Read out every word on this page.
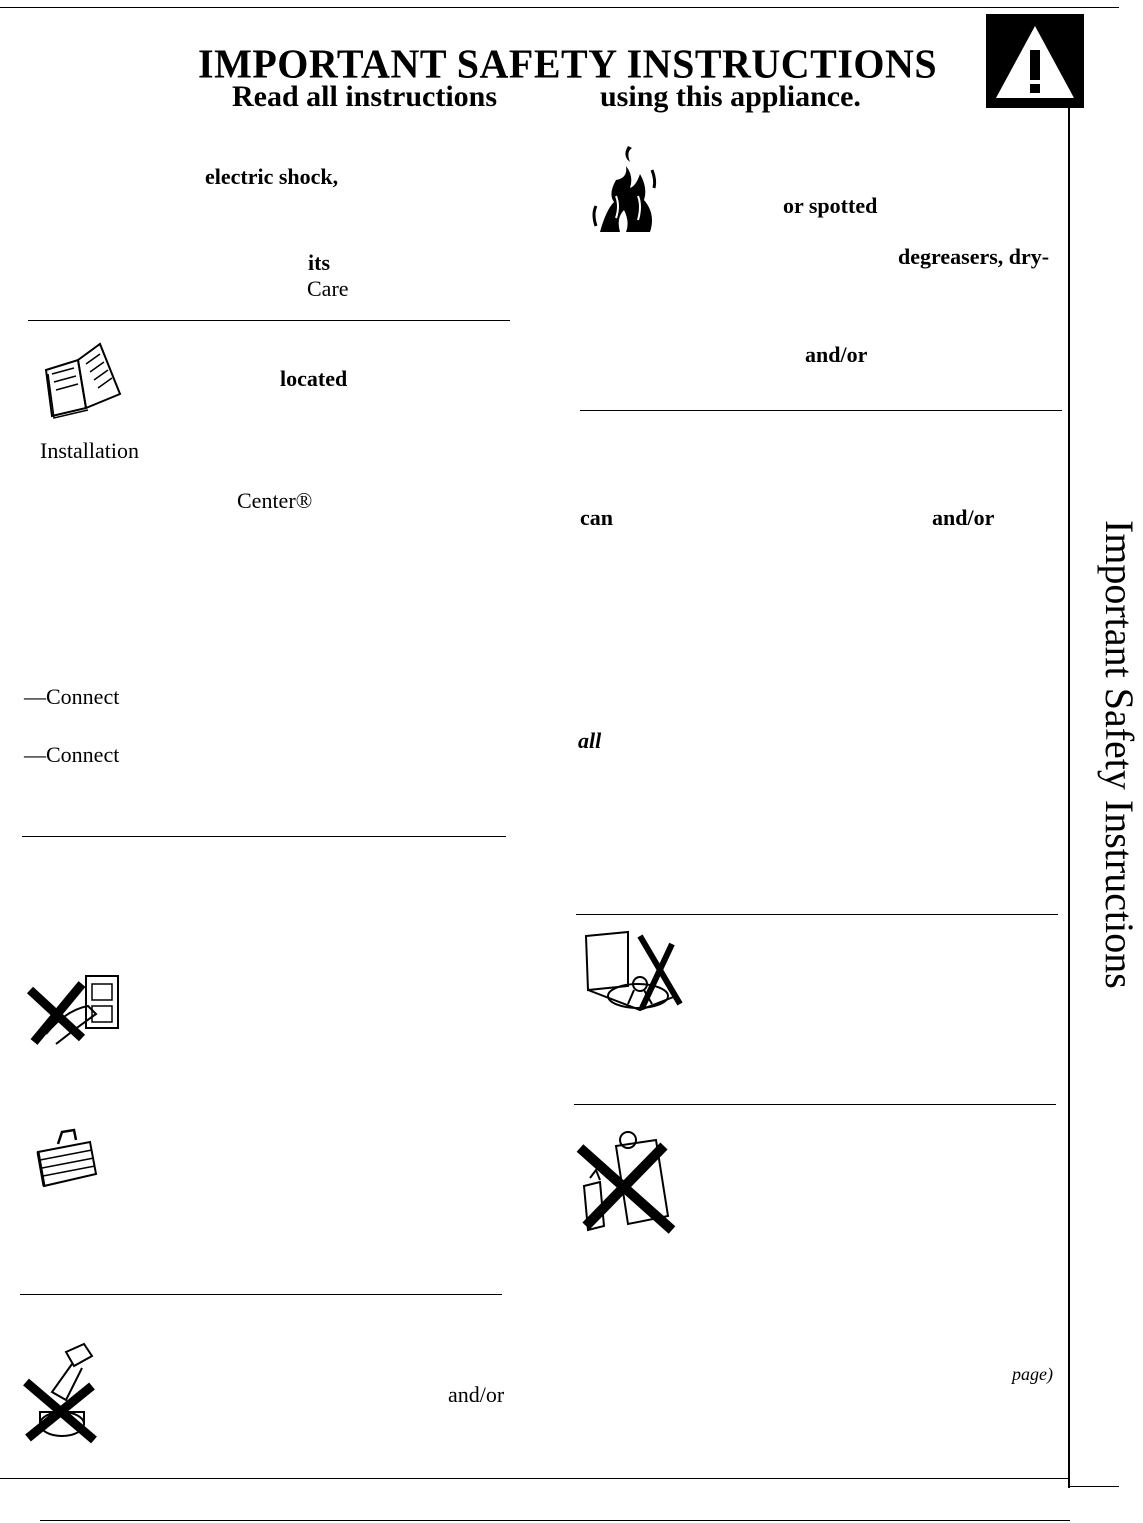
IMPORTANT SAFETY INSTRUCTIONS
Read all instructions	using this appliance.
electric shock,
its
Care
located
Installation
Center®
—Connect
—Connect
and/or
or spotted
degreasers, dry-
and/or
can	and/or
all
page)
Important Safety Instructions
